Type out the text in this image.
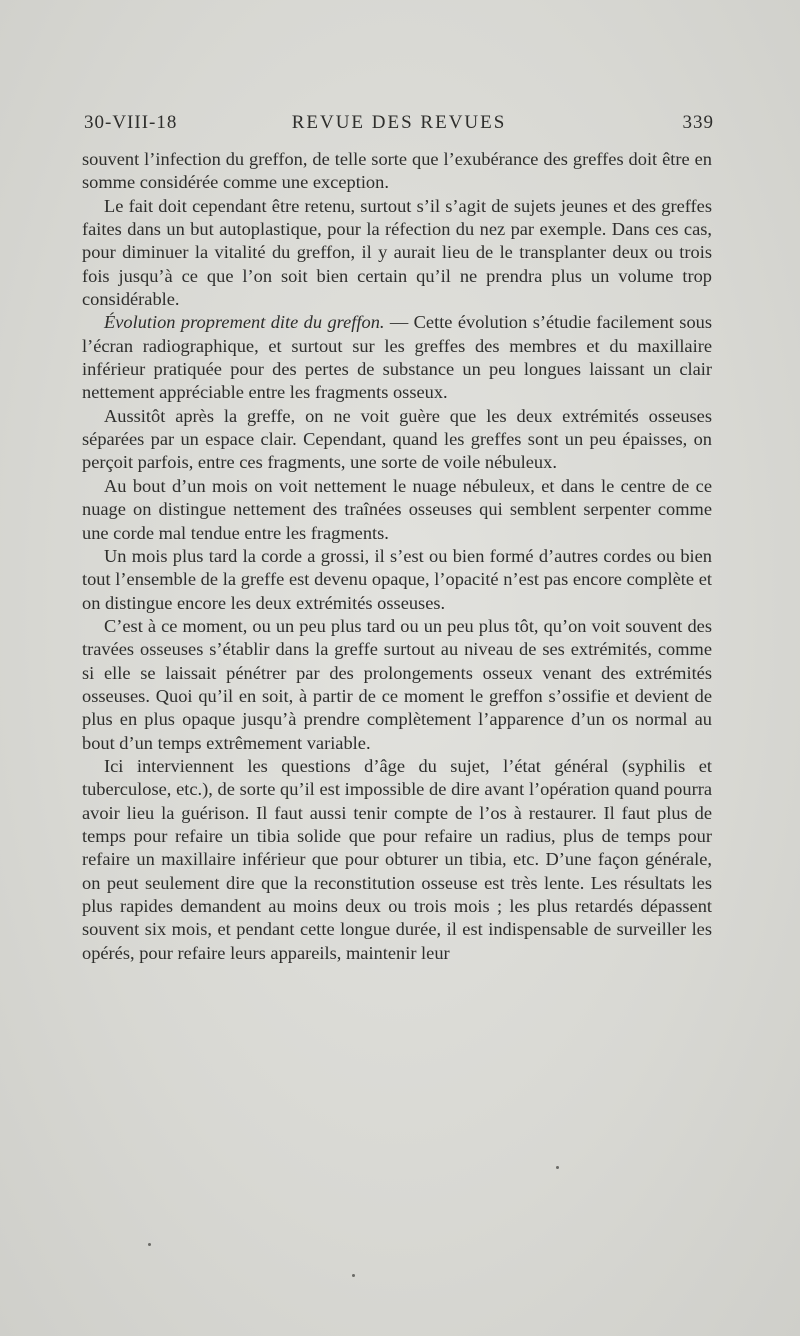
30-VIII-18	REVUE DES REVUES	339

souvent l’infection du greffon, de telle sorte que l’exubérance des greffes doit être en somme considérée comme une exception.

Le fait doit cependant être retenu, surtout s’il s’agit de sujets jeunes et des greffes faites dans un but autoplastique, pour la réfection du nez par exemple. Dans ces cas, pour diminuer la vitalité du greffon, il y aurait lieu de le transplanter deux ou trois fois jusqu’à ce que l’on soit bien certain qu’il ne prendra plus un volume trop considérable.

Évolution proprement dite du greffon. — Cette évolution s’étudie facilement sous l’écran radiographique, et surtout sur les greffes des membres et du maxillaire inférieur pratiquée pour des pertes de substance un peu longues laissant un clair nettement appréciable entre les fragments osseux.

Aussitôt après la greffe, on ne voit guère que les deux extrémités osseuses séparées par un espace clair. Cependant, quand les greffes sont un peu épaisses, on perçoit parfois, entre ces fragments, une sorte de voile nébuleux.

Au bout d’un mois on voit nettement le nuage nébuleux, et dans le centre de ce nuage on distingue nettement des traînées osseuses qui semblent serpenter comme une corde mal tendue entre les fragments.

Un mois plus tard la corde a grossi, il s’est ou bien formé d’autres cordes ou bien tout l’ensemble de la greffe est devenu opaque, l’opacité n’est pas encore complète et on distingue encore les deux extrémités osseuses.

C’est à ce moment, ou un peu plus tard ou un peu plus tôt, qu’on voit souvent des travées osseuses s’établir dans la greffe surtout au niveau de ses extrémités, comme si elle se laissait pénétrer par des prolongements osseux venant des extrémités osseuses. Quoi qu’il en soit, à partir de ce moment le greffon s’ossifie et devient de plus en plus opaque jusqu’à prendre complètement l’apparence d’un os normal au bout d’un temps extrêmement variable.

Ici interviennent les questions d’âge du sujet, l’état général (syphilis et tuberculose, etc.), de sorte qu’il est impossible de dire avant l’opération quand pourra avoir lieu la guérison. Il faut aussi tenir compte de l’os à restaurer. Il faut plus de temps pour refaire un tibia solide que pour refaire un radius, plus de temps pour refaire un maxillaire inférieur que pour obturer un tibia, etc. D’une façon générale, on peut seulement dire que la reconstitution osseuse est très lente. Les résultats les plus rapides demandent au moins deux ou trois mois ; les plus retardés dépassent souvent six mois, et pendant cette longue durée, il est indispensable de surveiller les opérés, pour refaire leurs appareils, maintenir leur
